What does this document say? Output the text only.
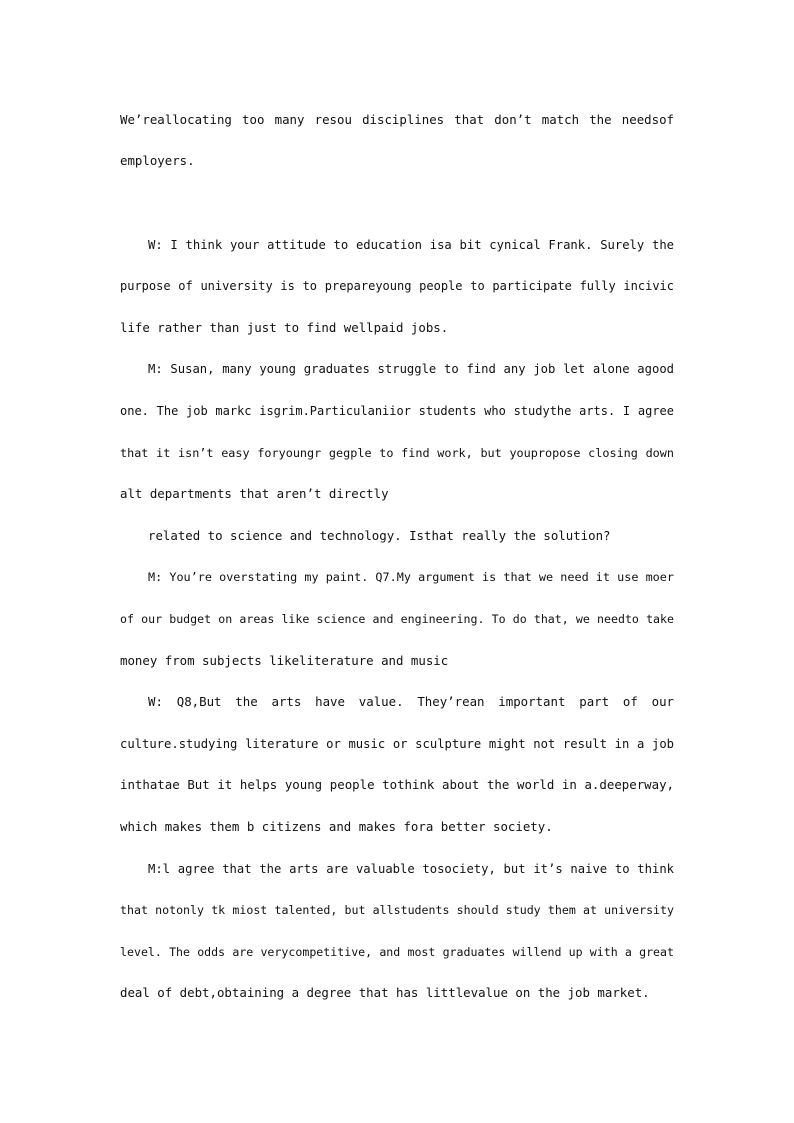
We’reallocating too many resou disciplines that don’t match the needsof
employers.
W: I think your attitude to education isa bit cynical Frank. Surely the
purpose of university is to prepareyoung people to participate fully incivic
life rather than just to find wellpaid jobs.
M: Susan, many young graduates struggle to find any job let alone agood
one. The job markc isgrim.Particulaniior students who studythe arts. I agree
that it isn’t easy foryoungr gegple to find work, but youpropose closing down
alt departments that aren’t directly
related to science and technology. Isthat really the solution?
M: You’re overstating my paint. Q7.My argument is that we need it use moer
of our budget on areas like science and engineering. To do that, we needto take
money from subjects likeliterature and music
W: Q8,But the arts have value. They’rean important part of our
culture.studying literature or music or sculpture might not result in a job
inthatae But it helps young people tothink about the world in a.deeperway,
which makes them b citizens and makes fora better society.
M:l agree that the arts are valuable tosociety, but it’s naive to think
that notonly tk miost talented, but allstudents should study them at university
level. The odds are verycompetitive, and most graduates willend up with a great
deal of debt,obtaining a degree that has littlevalue on the job market.
